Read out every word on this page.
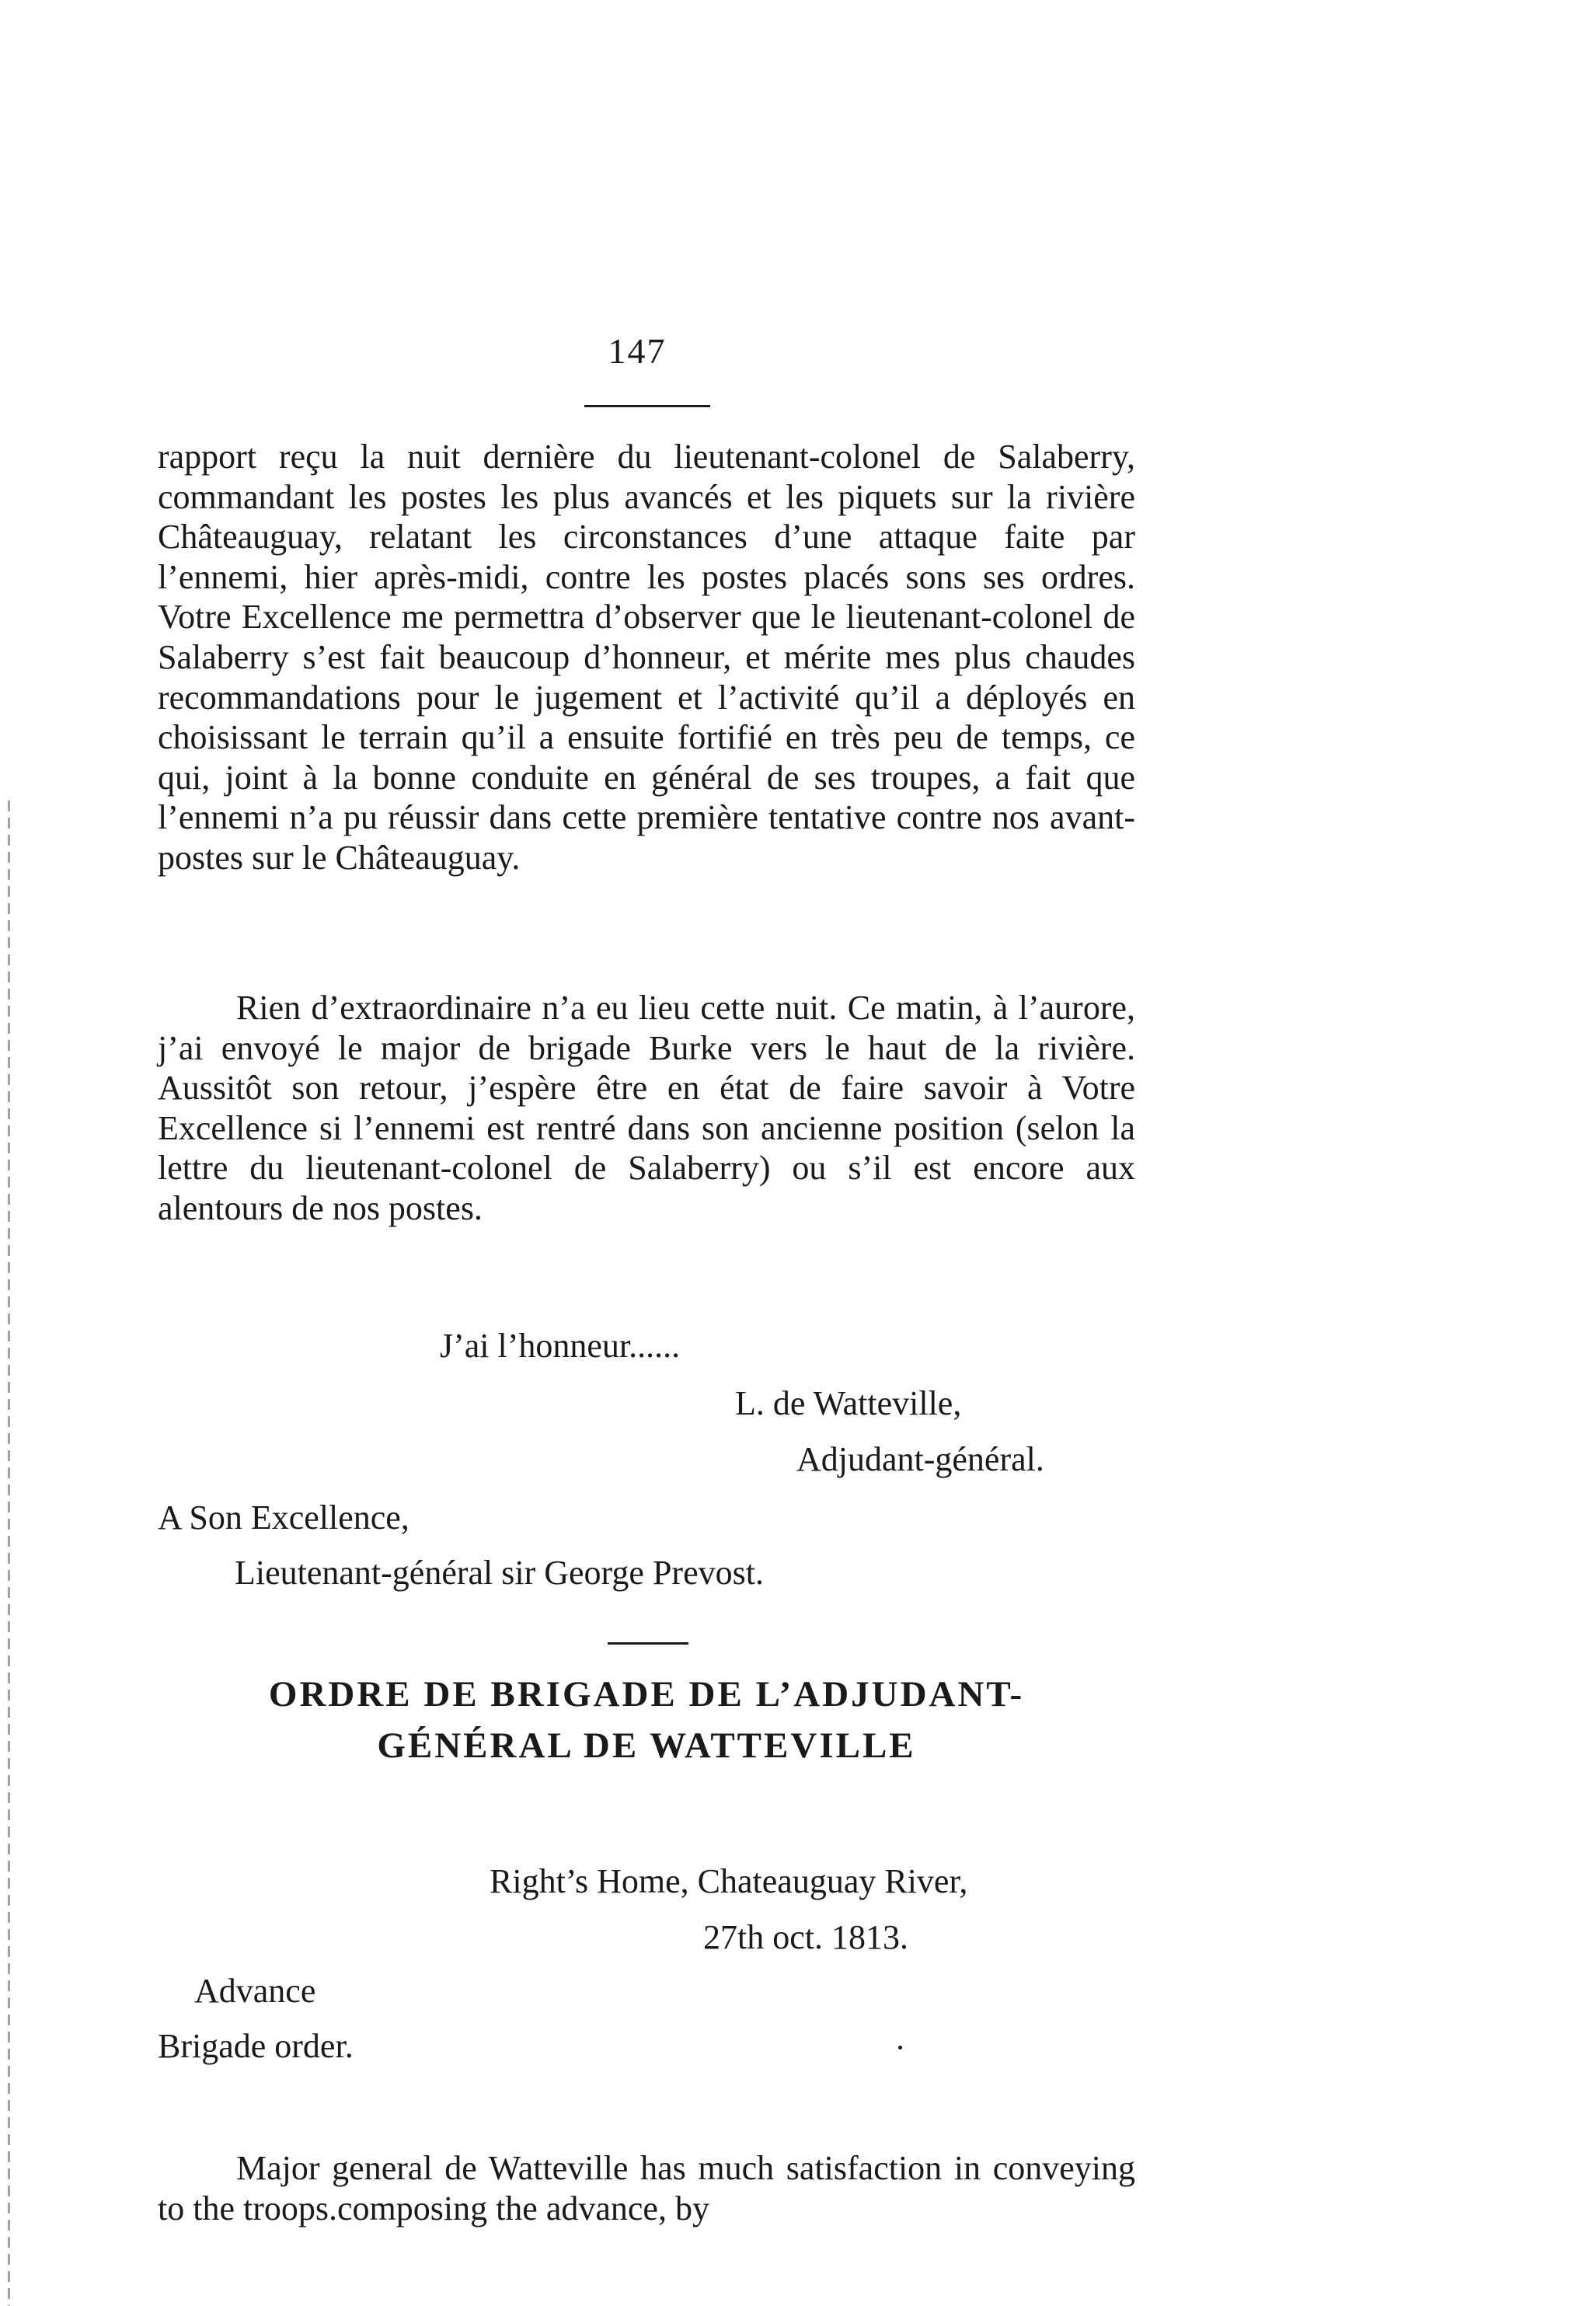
147

rapport reçu la nuit dernière du lieutenant-colonel de Salaberry, commandant les postes les plus avancés et les piquets sur la rivière Châteauguay, relatant les circonstances d’une attaque faite par l’ennemi, hier après-midi, contre les postes placés sons ses ordres. Votre Excellence me permettra d’observer que le lieutenant-colonel de Salaberry s’est fait beaucoup d’honneur, et mérite mes plus chaudes recommandations pour le jugement et l’activité qu’il a déployés en choisissant le terrain qu’il a ensuite fortifié en très peu de temps, ce qui, joint à la bonne conduite en général de ses troupes, a fait que l’ennemi n’a pu réussir dans cette première tentative contre nos avant-postes sur le Châteauguay.

Rien d’extraordinaire n’a eu lieu cette nuit. Ce matin, à l’aurore, j’ai envoyé le major de brigade Burke vers le haut de la rivière. Aussitôt son retour, j’espère être en état de faire savoir à Votre Excellence si l’ennemi est rentré dans son ancienne position (selon la lettre du lieutenant-colonel de Salaberry) ou s’il est encore aux alentours de nos postes.

J’ai l’honneur......

L. de Watteville,

Adjudant-général.

A Son Excellence,

Lieutenant-général sir George Prevost.

ORDRE DE BRIGADE DE L’ADJUDANT-
GÉNÉRAL DE WATTEVILLE

Right’s Home, Chateauguay River,

27th oct. 1813.

Advance

Brigade order.

Major general de Watteville has much satisfaction in conveying to the troops.composing the advance, by
